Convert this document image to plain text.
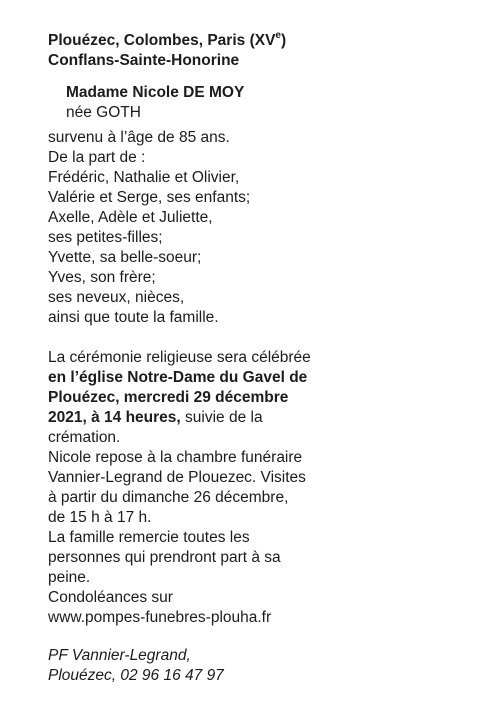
Plouézec, Colombes, Paris (XVe)
Conflans-Sainte-Honorine
Madame Nicole DE MOY
née GOTH
survenu à l’âge de 85 ans.
De la part de :
Frédéric, Nathalie et Olivier,
Valérie et Serge, ses enfants;
Axelle, Adèle et Juliette,
ses petites-filles;
Yvette, sa belle-soeur;
Yves, son frère;
ses neveux, nièces,
ainsi que toute la famille.
La cérémonie religieuse sera célébrée
en l’église Notre-Dame du Gavel de
Plouézec, mercredi 29 décembre
2021, à 14 heures, suivie de la
crémation.
Nicole repose à la chambre funéraire
Vannier-Legrand de Plouezec. Visites
à partir du dimanche 26 décembre,
de 15 h à 17 h.
La famille remercie toutes les
personnes qui prendront part à sa
peine.
Condoléances sur
www.pompes-funebres-plouha.fr
PF Vannier-Legrand,
Plouézec, 02 96 16 47 97
